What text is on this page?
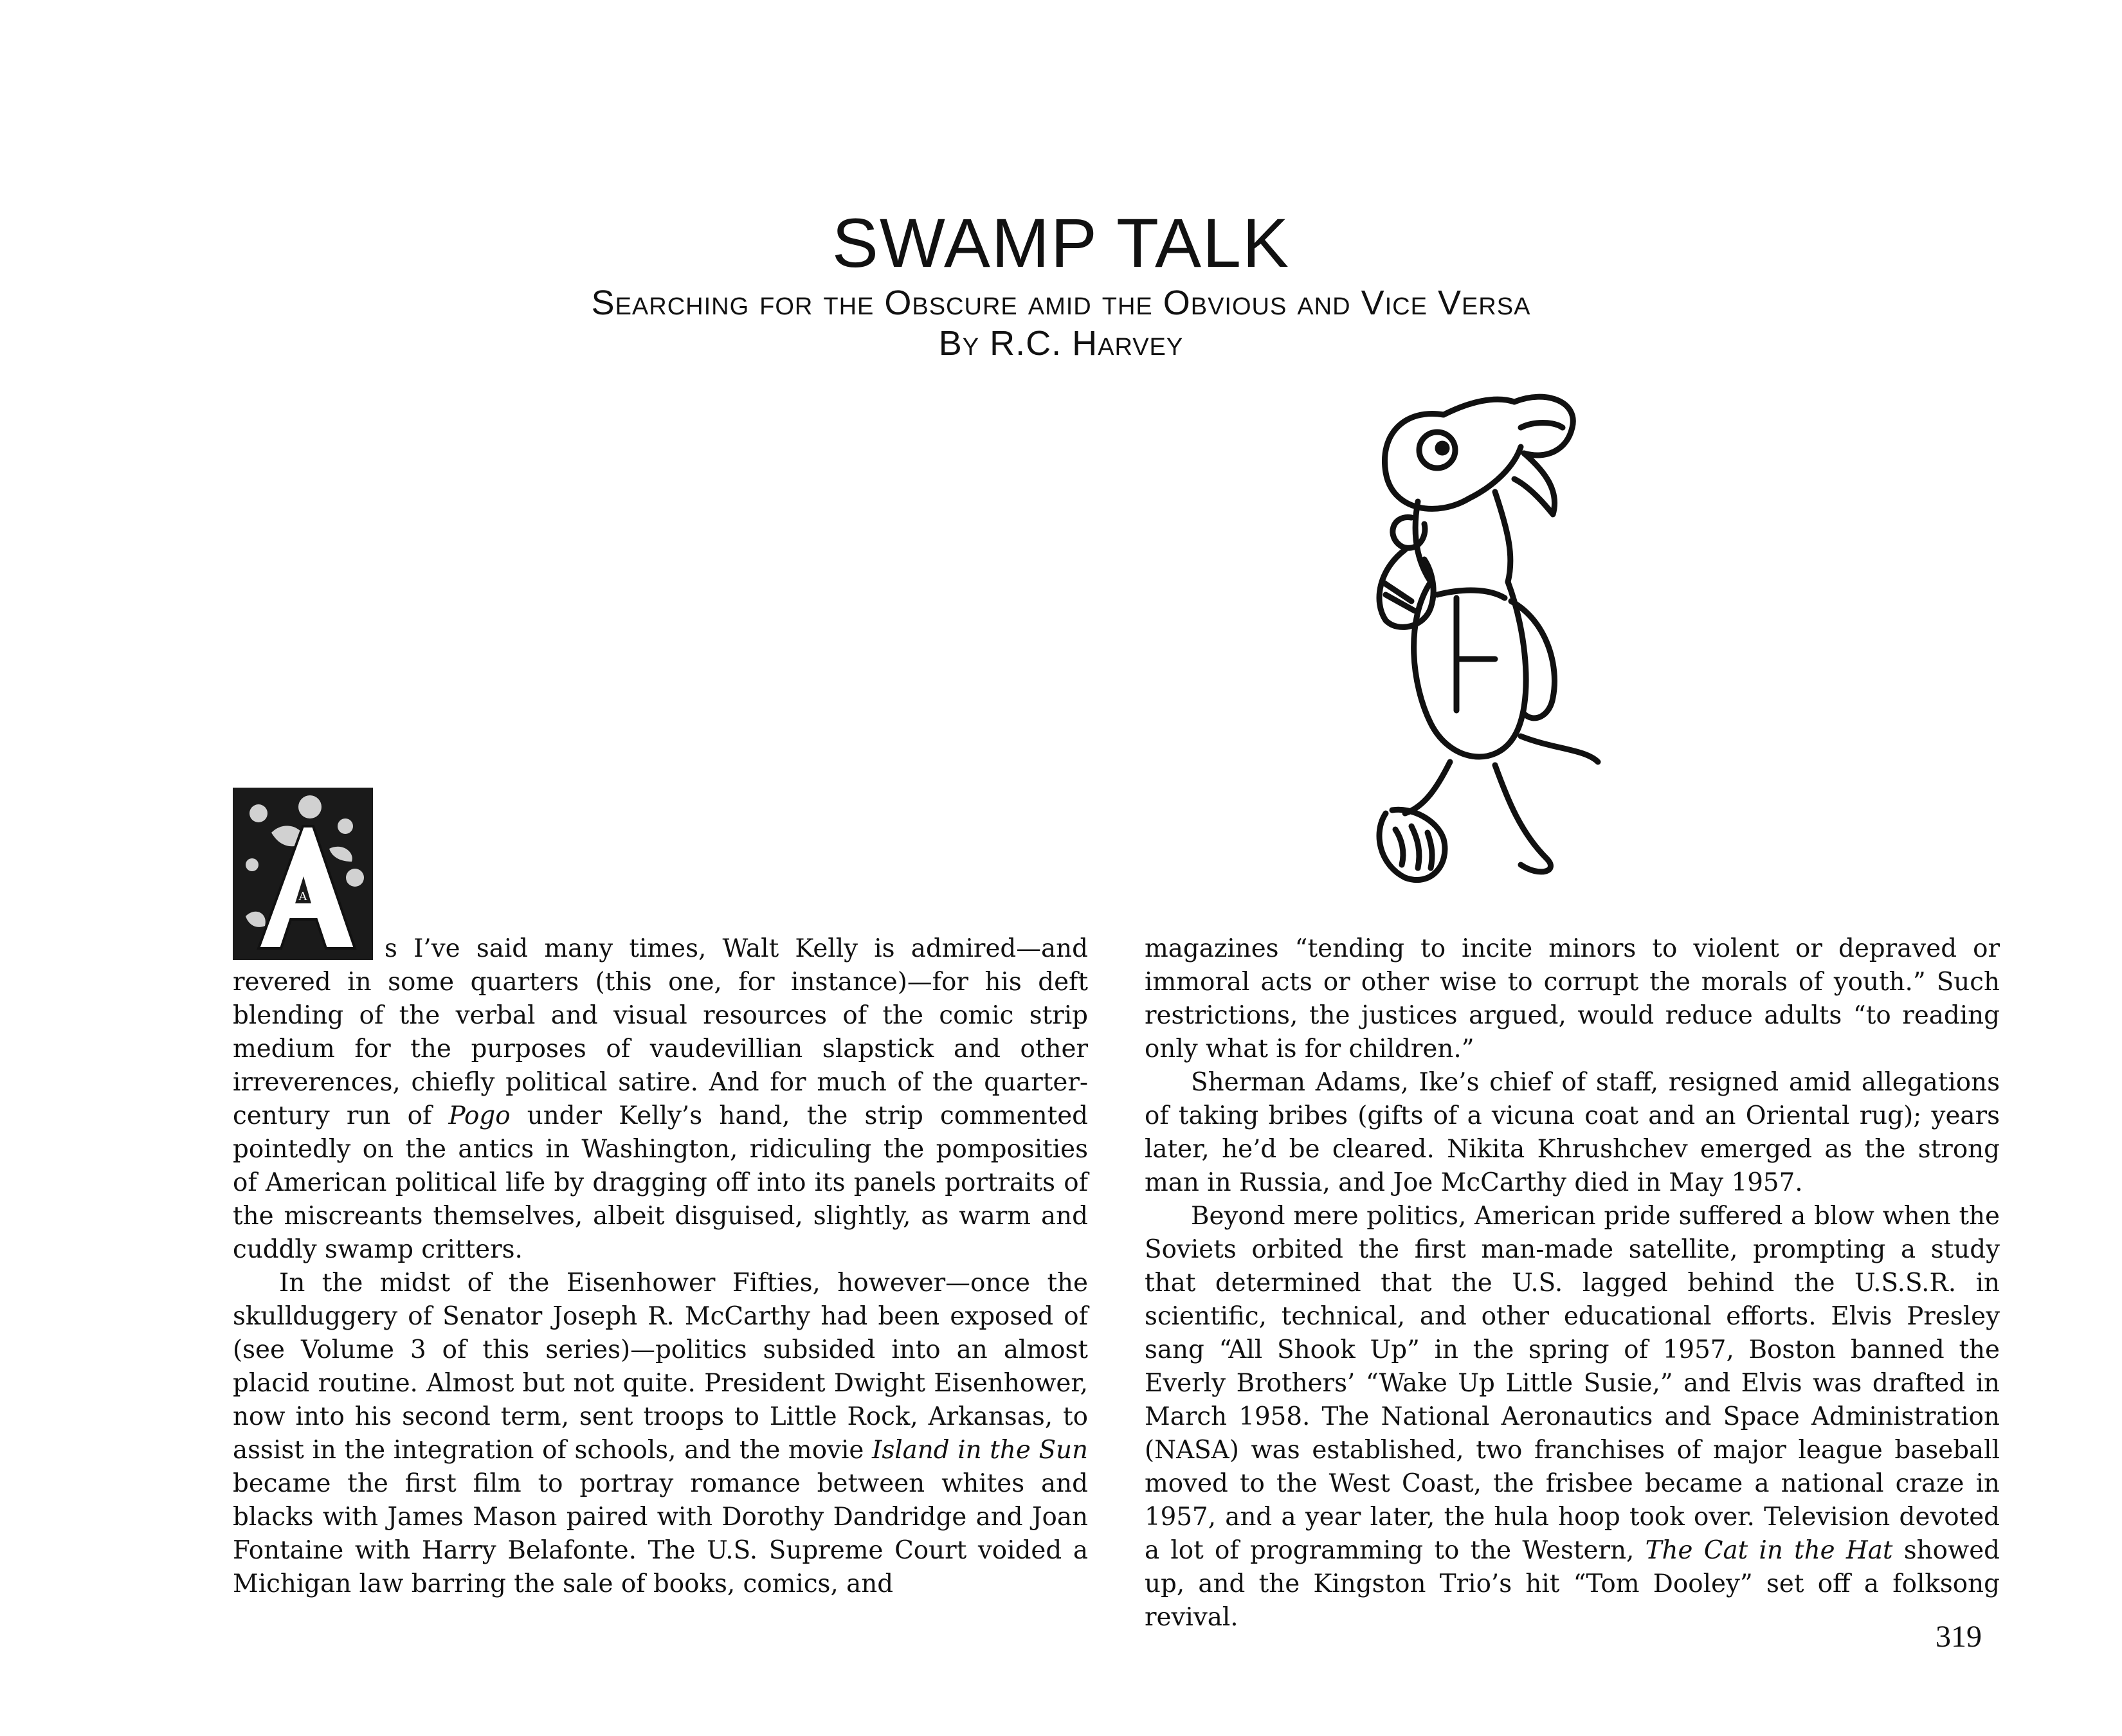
SWAMP TALK
Searching for the Obscure amid the Obvious and Vice Versa
By R.C. Harvey
A

s I’ve said many times, Walt Kelly is admired—and revered in some quarters (this one, for instance)—for his deft blending of the verbal and visual resources of the comic strip medium for the purposes of vaudevillian slapstick and other irreverences, chiefly political satire. And for much of the quarter-century run of Pogo under Kelly’s hand, the strip commented pointedly on the antics in Washington, ridiculing the pomposities of American political life by dragging off into its panels portraits of the miscreants themselves, albeit disguised, slightly, as warm and cuddly swamp critters.

In the midst of the Eisenhower Fifties, however—once the skullduggery of Senator Joseph R. McCarthy had been exposed of (see Volume 3 of this series)—politics subsided into an almost placid routine. Almost but not quite. President Dwight Eisenhower, now into his second term, sent troops to Little Rock, Arkansas, to assist in the integration of schools, and the movie Island in the Sun became the first film to portray romance between whites and blacks with James Mason paired with Dorothy Dandridge and Joan Fontaine with Harry Belafonte. The U.S. Supreme Court voided a Michigan law barring the sale of books, comics, and

magazines “tending to incite minors to violent or depraved or immoral acts or other wise to corrupt the morals of youth.” Such restrictions, the justices argued, would reduce adults “to reading only what is for children.”

Sherman Adams, Ike’s chief of staff, resigned amid allegations of taking bribes (gifts of a vicuna coat and an Oriental rug); years later, he’d be cleared. Nikita Khrushchev emerged as the strong man in Russia, and Joe McCarthy died in May 1957.

Beyond mere politics, American pride suffered a blow when the Soviets orbited the first man-made satellite, prompting a study that determined that the U.S. lagged behind the U.S.S.R. in scientific, technical, and other educational efforts. Elvis Presley sang “All Shook Up” in the spring of 1957, Boston banned the Everly Brothers’ “Wake Up Little Susie,” and Elvis was drafted in March 1958. The National Aeronautics and Space Administration (NASA) was established, two franchises of major league baseball moved to the West Coast, the frisbee became a national craze in 1957, and a year later, the hula hoop took over. Television devoted a lot of programming to the Western, The Cat in the Hat showed up, and the Kingston Trio’s hit “Tom Dooley” set off a folksong revival.

319
